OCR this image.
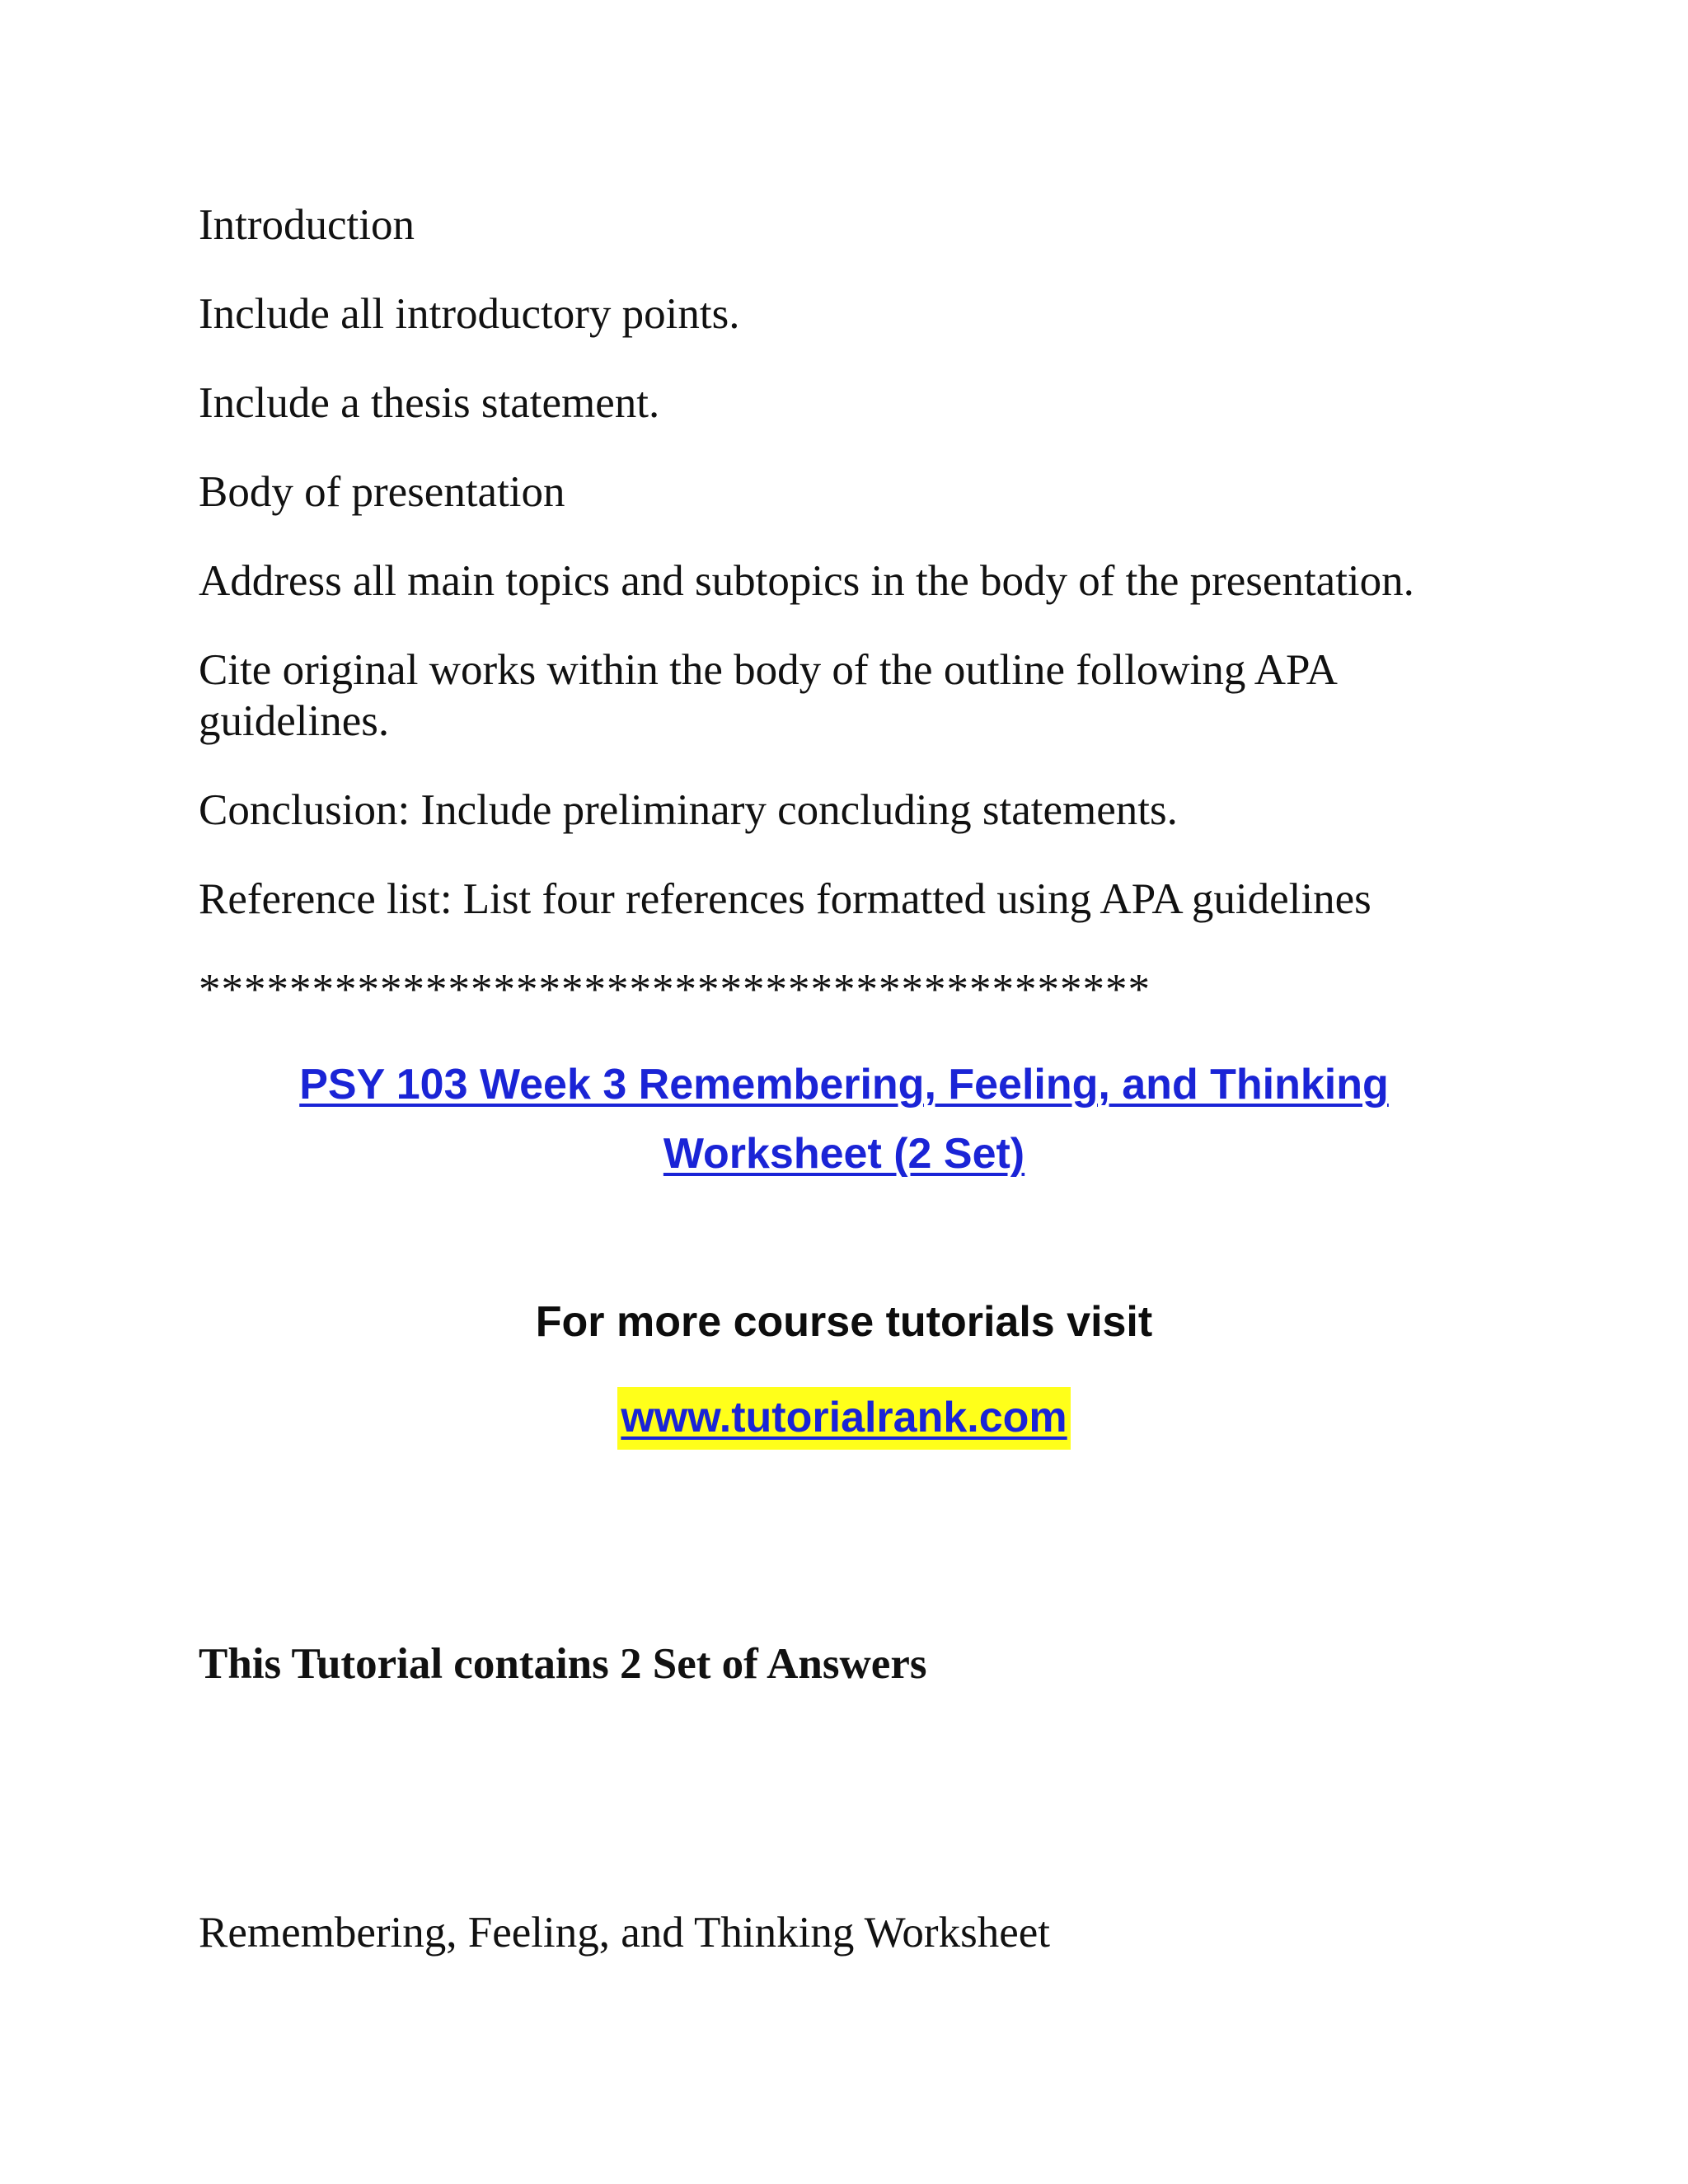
Introduction

Include all introductory points.

Include a thesis statement.

Body of presentation

Address all main topics and subtopics in the body of the presentation.

Cite original works within the body of the outline following APA guidelines.

Conclusion: Include preliminary concluding statements.

Reference list: List four references formatted using APA guidelines

******************************************

PSY 103 Week 3 Remembering, Feeling, and Thinking
Worksheet (2 Set)
For more course tutorials visit
www.tutorialrank.com

This Tutorial contains 2 Set of Answers

Remembering, Feeling, and Thinking Worksheet
